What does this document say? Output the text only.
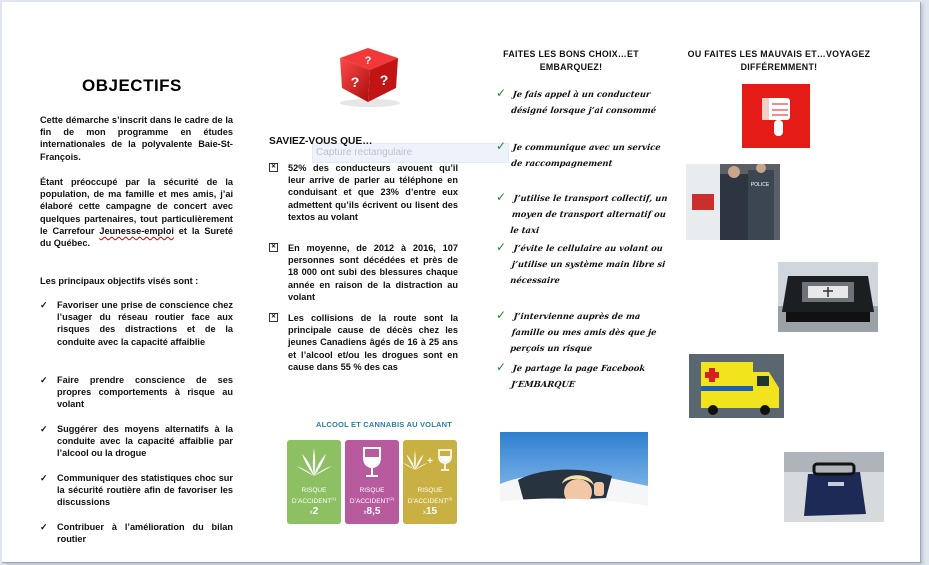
OBJECTIFS
Cette démarche s’inscrit dans le cadre de la fin de mon programme en études internationales de la polyvalente Baie-St-François.
Étant préoccupé par la sécurité de la population, de ma famille et mes amis, j’ai élaboré cette campagne de concert avec quelques partenaires, tout particulièrement le Carrefour Jeunesse-emploi et la Sureté du Québec.
Les principaux objectifs visés sont :
✓ Favoriser une prise de conscience chez l’usager du réseau routier face aux risques des distractions et de la conduite avec la capacité affaiblie
✓ Faire prendre conscience de ses propres comportements à risque au volant
✓ Suggérer des moyens alternatifs à la conduite avec la capacité affaiblie par l’alcool ou la drogue
✓ Communiquer des statistiques choc sur la sécurité routière afin de favoriser les discussions
✓ Contribuer à l’amélioration du bilan routier
?
? ?
Capture rectangulaire
SAVIEZ-VOUS QUE…
✕ 52% des conducteurs avouent qu’il leur arrive de parler au téléphone en conduisant et que 23% d’entre eux admettent qu’ils écrivent ou lisent des textos au volant
✕ En moyenne, de 2012 à 2016, 107 personnes sont décédées et près de 18 000 ont subi des blessures chaque année en raison de la distraction au volant
✕ Les collisions de la route sont la principale cause de décès chez les jeunes Canadiens âgés de 16 à 25 ans et l’alcool et/ou les drogues sont en cause dans 55 % des cas
ALCOOL ET CANNABIS AU VOLANT
RISQUE D’ACCIDENT$^{(1)}$
x2
RISQUE D’ACCIDENT$^{(2)}$
x8,5
+
RISQUE D’ACCIDENT$^{(3)}$
x15
FAITES LES BONS CHOIX…ET EMBARQUEZ!
✓ Je fais appel à un conducteur désigné lorsque j’ai consommé
✓ Je communique avec un service de raccompagnement
✓ J’utilise le transport collectif, un moyen de transport alternatif ou le taxi
✓ J’évite le cellulaire au volant ou j’utilise un système main libre si nécessaire
✓ J’intervienne auprès de ma famille ou mes amis dès que je perçois un risque
✓ Je partage la page Facebook J’EMBARQUE
OU FAITES LES MAUVAIS ET…VOYAGEZ DIFFÉREMMENT!
POLICE
